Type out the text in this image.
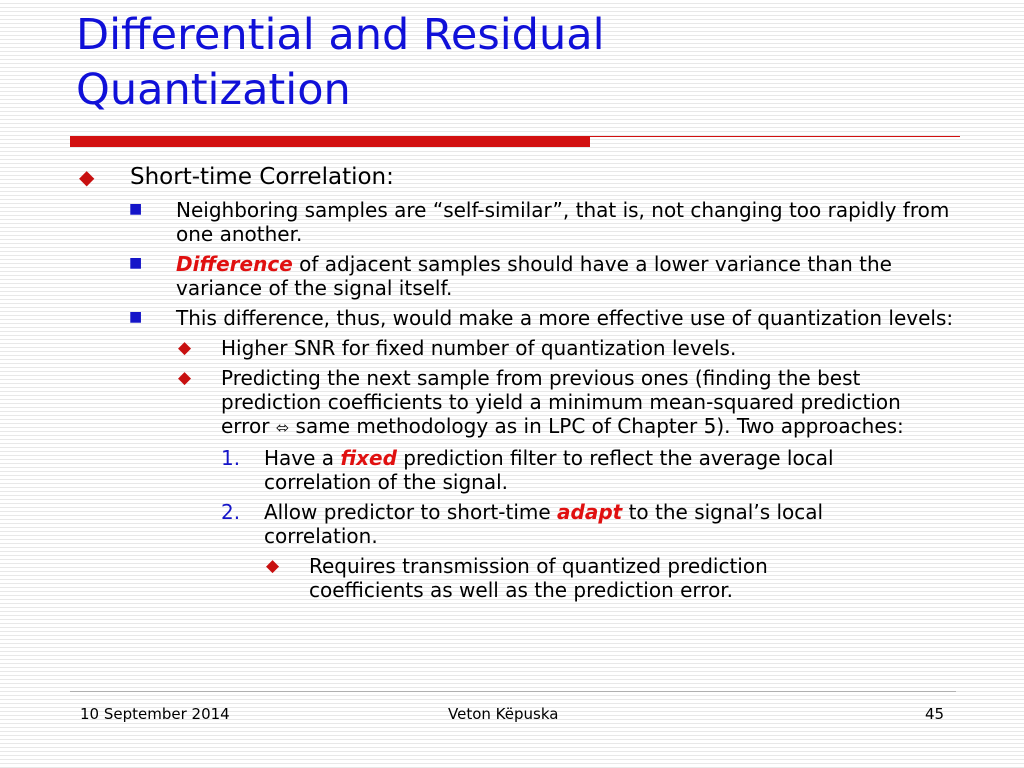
Differential and Residual
Quantization
◆ Short-time Correlation:
■ Neighboring samples are “self-similar”, that is, not changing too rapidly from one another.
■ Difference of adjacent samples should have a lower variance than the variance of the signal itself.
■ This difference, thus, would make a more effective use of quantization levels:
◆ Higher SNR for fixed number of quantization levels.
◆ Predicting the next sample from previous ones (finding the best prediction coefficients to yield a minimum mean-squared prediction error ⬄ same methodology as in LPC of Chapter 5). Two approaches:
1. Have a fixed prediction filter to reflect the average local correlation of the signal.
2. Allow predictor to short-time adapt to the signal’s local correlation.
◆ Requires transmission of quantized prediction coefficients as well as the prediction error.
10 September 2014	Veton Këpuska	45
